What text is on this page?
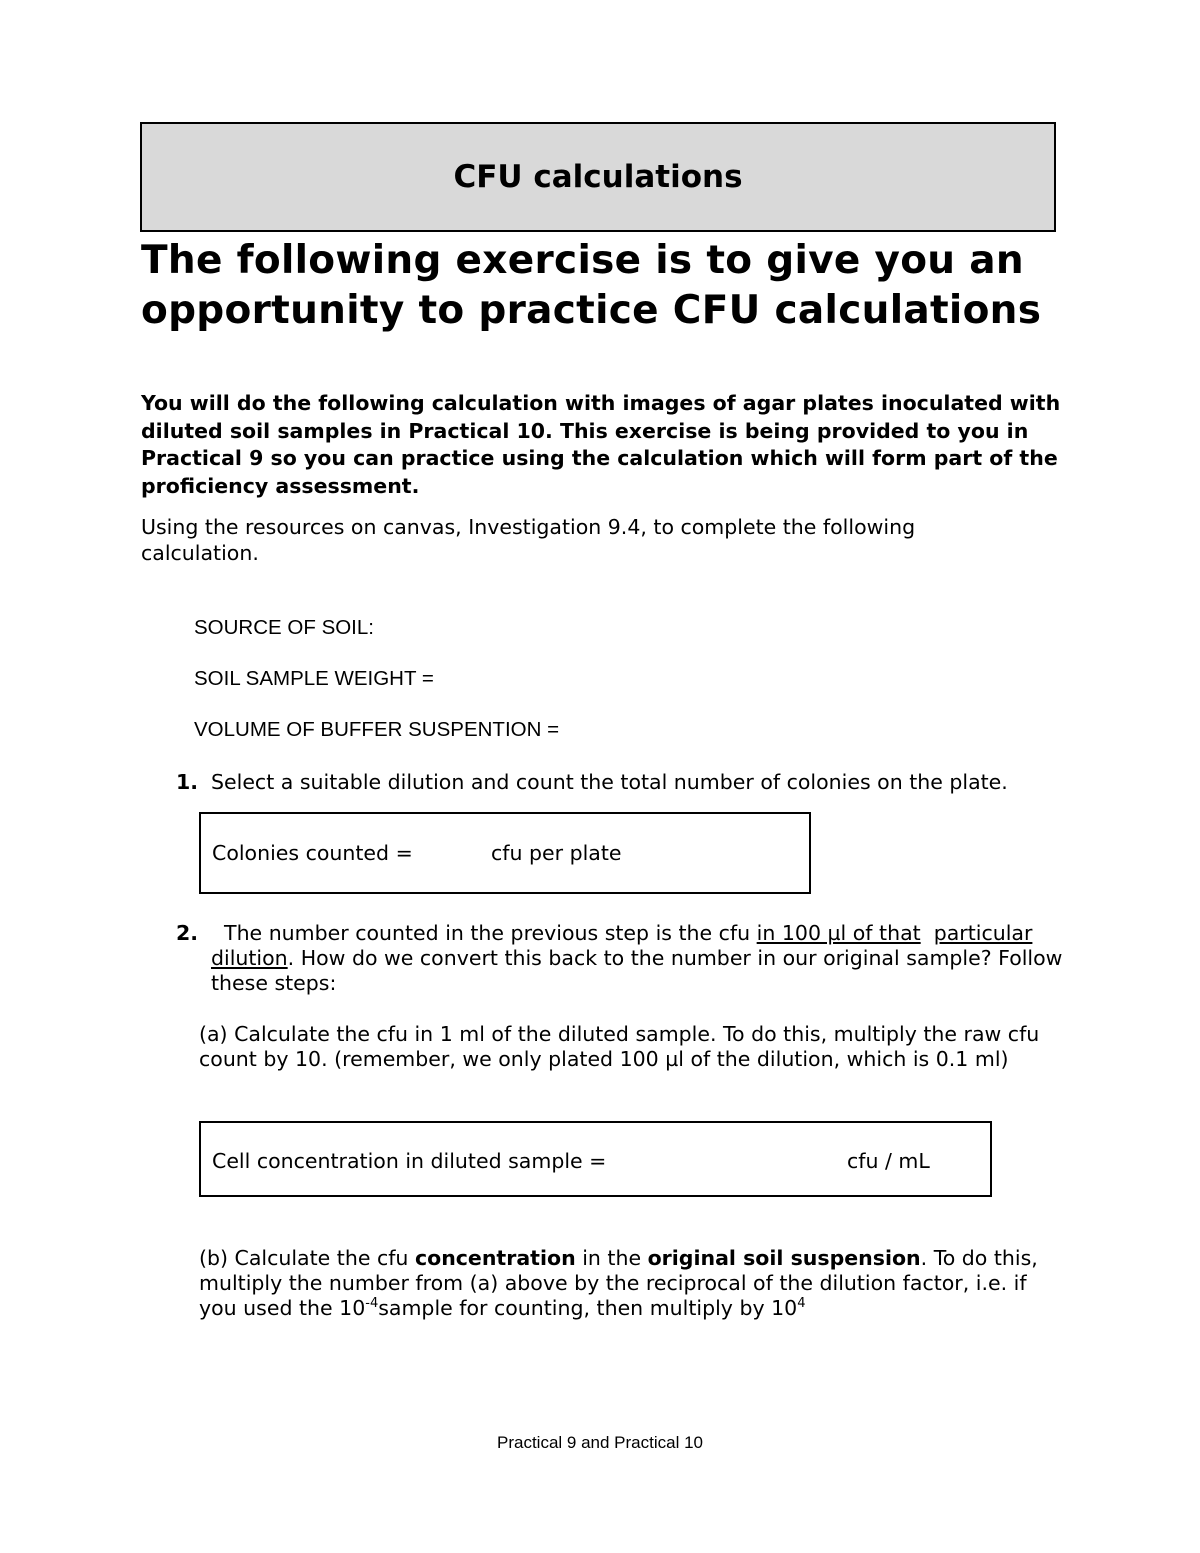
CFU calculations
The following exercise is to give you an opportunity to practice CFU calculations
You will do the following calculation with images of agar plates inoculated with diluted soil samples in Practical 10. This exercise is being provided to you in Practical 9 so you can practice using the calculation which will form part of the proficiency assessment.
Using the resources on canvas, Investigation 9.4, to complete the following calculation.
SOURCE OF SOIL:
SOIL SAMPLE WEIGHT =
VOLUME OF BUFFER SUSPENTION =
1. Select a suitable dilution and count the total number of colonies on the plate.
Colonies counted =	cfu per plate
2.	The number counted in the previous step is the cfu in 100 µl of that particular dilution. How do we convert this back to the number in our original sample? Follow these steps:
(a) Calculate the cfu in 1 ml of the diluted sample. To do this, multiply the raw cfu count by 10. (remember, we only plated 100 µl of the dilution, which is 0.1 ml)
Cell concentration in diluted sample =	cfu / mL
(b) Calculate the cfu concentration in the original soil suspension. To do this, multiply the number from (a) above by the reciprocal of the dilution factor, i.e. if you used the $10^{-4}sample$ for counting, then multiply by $10^4$
Practical 9 and Practical 10
